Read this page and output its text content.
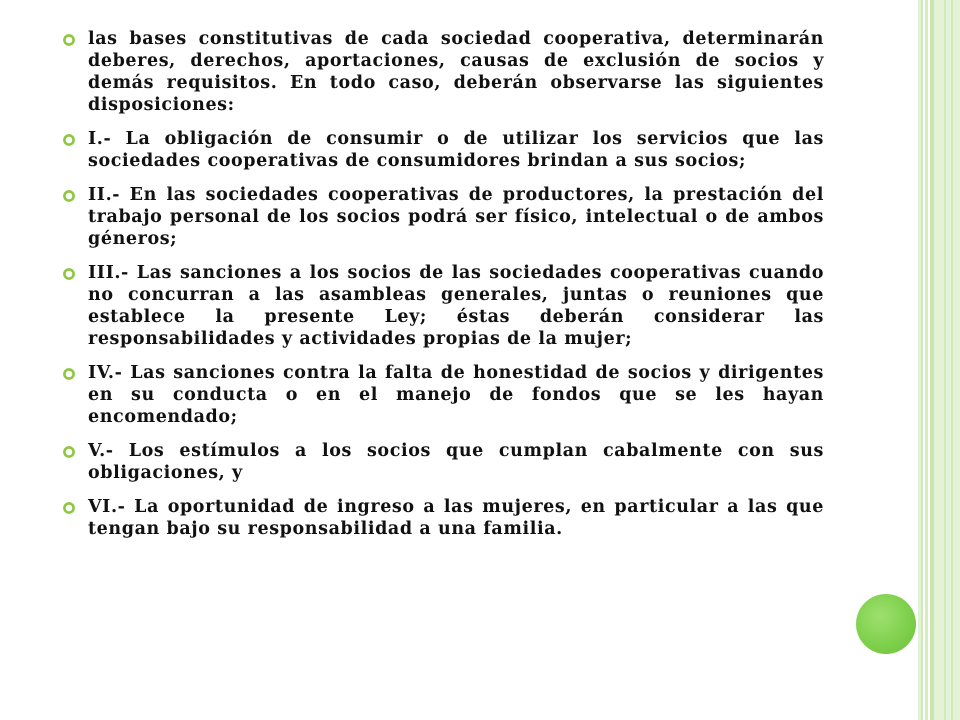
las bases constitutivas de cada sociedad cooperativa, determinarán deberes, derechos, aportaciones, causas de exclusión de socios y demás requisitos. En todo caso, deberán observarse las siguientes disposiciones:
I.- La obligación de consumir o de utilizar los servicios que las sociedades cooperativas de consumidores brindan a sus socios;
II.- En las sociedades cooperativas de productores, la prestación del trabajo personal de los socios podrá ser físico, intelectual o de ambos géneros;
III.- Las sanciones a los socios de las sociedades cooperativas cuando no concurran a las asambleas generales, juntas o reuniones que establece la presente Ley; éstas deberán considerar las responsabilidades y actividades propias de la mujer;
IV.- Las sanciones contra la falta de honestidad de socios y dirigentes en su conducta o en el manejo de fondos que se les hayan encomendado;
V.- Los estímulos a los socios que cumplan cabalmente con sus obligaciones, y
VI.- La oportunidad de ingreso a las mujeres, en particular a las que tengan bajo su responsabilidad a una familia.
